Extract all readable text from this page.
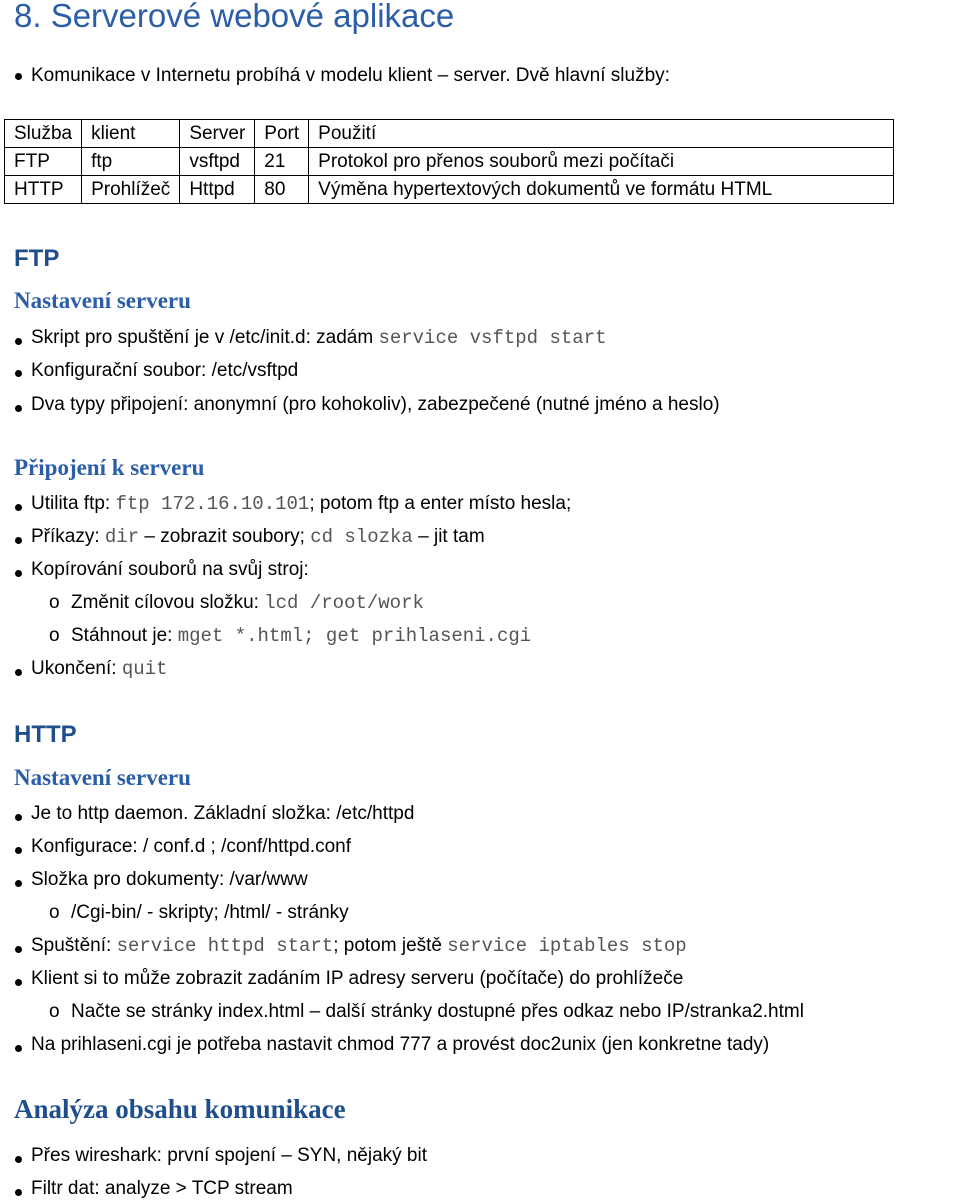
8. Serverové webové aplikace
Komunikace v Internetu probíhá v modelu klient – server. Dvě hlavní služby:
Služba	klient	Server	Port	Použití
FTP	ftp	vsftpd	21	Protokol pro přenos souborů mezi počítači
HTTP	Prohlížeč	Httpd	80	Výměna hypertextových dokumentů ve formátu HTML
FTP
Nastavení serveru
Skript pro spuštění je v /etc/init.d: zadám service vsftpd start
Konfigurační soubor: /etc/vsftpd
Dva typy připojení: anonymní (pro kohokoliv), zabezpečené (nutné jméno a heslo)
Připojení k serveru
Utilita ftp: ftp 172.16.10.101; potom ftp a enter místo hesla;
Příkazy: dir – zobrazit soubory; cd slozka – jit tam
Kopírování souborů na svůj stroj:
o Změnit cílovou složku: lcd /root/work
o Stáhnout je: mget *.html; get prihlaseni.cgi
Ukončení: quit
HTTP
Nastavení serveru
Je to http daemon. Základní složka: /etc/httpd
Konfigurace: / conf.d ; /conf/httpd.conf
Složka pro dokumenty: /var/www
o /Cgi-bin/ - skripty; /html/ - stránky
Spuštění: service httpd start; potom ještě service iptables stop
Klient si to může zobrazit zadáním IP adresy serveru (počítače) do prohlížeče
o Načte se stránky index.html – další stránky dostupné přes odkaz nebo IP/stranka2.html
Na prihlaseni.cgi je potřeba nastavit chmod 777 a provést doc2unix (jen konkretne tady)
Analýza obsahu komunikace
Přes wireshark: první spojení – SYN, nějaký bit
Filtr dat: analyze > TCP stream
